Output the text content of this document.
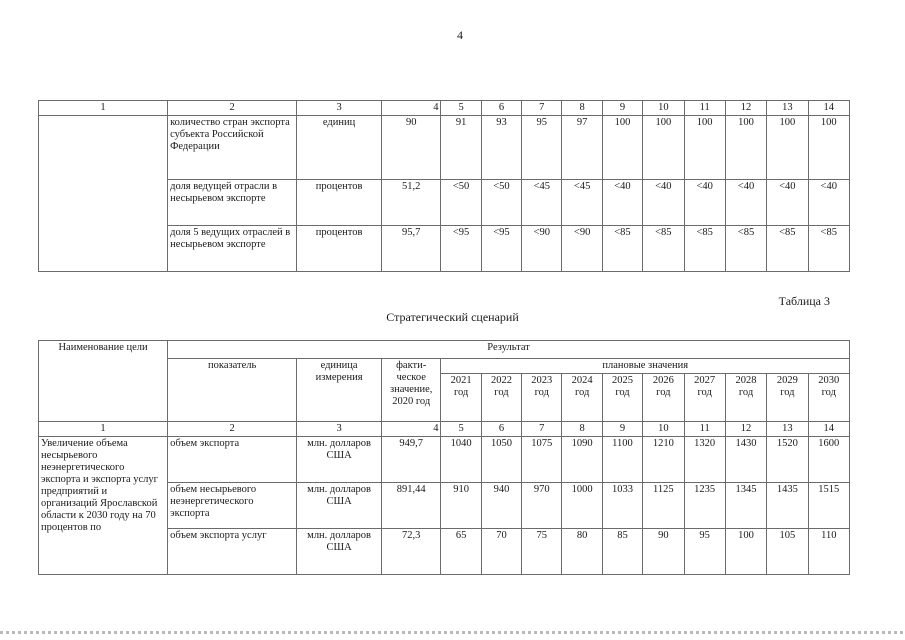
4
1	2	3	4	5	6	7	8	9	10	11	12	13	14
	количество стран экспорта субъекта Российской Федерации	единиц	90	91	93	95	97	100	100	100	100	100	100
	доля ведущей отрасли в несырьевом экспорте	процентов	51,2	<50	<50	<45	<45	<40	<40	<40	<40	<40	<40
	доля 5 ведущих отраслей в несырьевом экспорте	процентов	95,7	<95	<95	<90	<90	<85	<85	<85	<85	<85	<85
Таблица 3
Стратегический сценарий
Наименование цели	Результат												
	показатель	единица измерения	факти-ческое значение, 2020 год	плановые значения									
				2021 год	2022 год	2023 год	2024 год	2025 год	2026 год	2027 год	2028 год	2029 год	2030 год
1	2	3	4	5	6	7	8	9	10	11	12	13	14
Увеличение объема несырьевого неэнергетического экспорта и экспорта услуг предприятий и организаций Ярославской области к 2030 году на 70 процентов по	объем экспорта	млн. долларов США	949,7	1040	1050	1075	1090	1100	1210	1320	1430	1520	1600
	объем несырьевого неэнергетического экспорта	млн. долларов США	891,44	910	940	970	1000	1033	1125	1235	1345	1435	1515
	объем экспорта услуг	млн. долларов США	72,3	65	70	75	80	85	90	95	100	105	110
